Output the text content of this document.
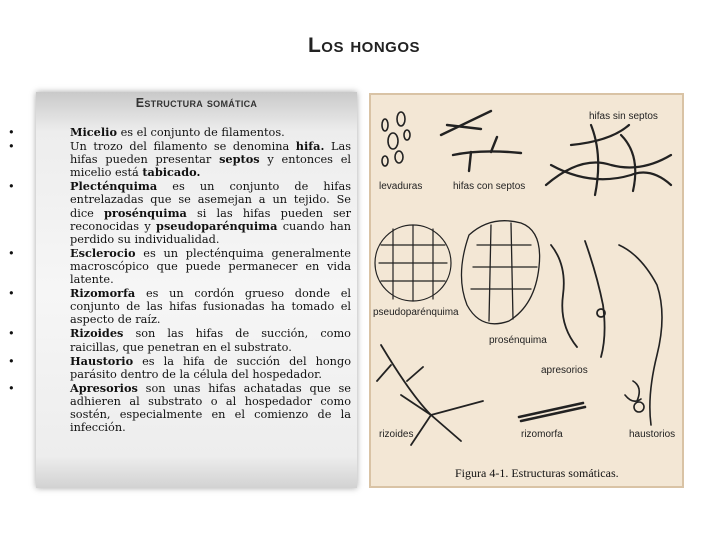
Los hongos
Estructura somática
• Micelio es el conjunto de filamentos.
• Un trozo del filamento se denomina hifa. Las hifas pueden presentar septos y entonces el micelio está tabicado.
• Plecténquima es un conjunto de hifas entrelazadas que se asemejan a un tejido. Se dice prosénquima si las hifas pueden ser reconocidas y pseudoparénquima cuando han perdido su individualidad.
• Esclerocio es un plecténquima generalmente macroscópico que puede permanecer en vida latente.
• Rizomorfa es un cordón grueso donde el conjunto de las hifas fusionadas ha tomado el aspecto de raíz.
• Rizoides son las hifas de succión, como raicillas, que penetran en el substrato.
• Haustorio es la hifa de succión del hongo parásito dentro de la célula del hospedador.
• Apresorios son unas hifas achatadas que se adhieren al substrato o al hospedador como sostén, especialmente en el comienzo de la infección.
levaduras	hifas con septos
hifas sin septos
pseudoparénquima
prosénquima
apresorios
rizoides	rizomorfa	haustorios
Figura 4-1. Estructuras somáticas.
